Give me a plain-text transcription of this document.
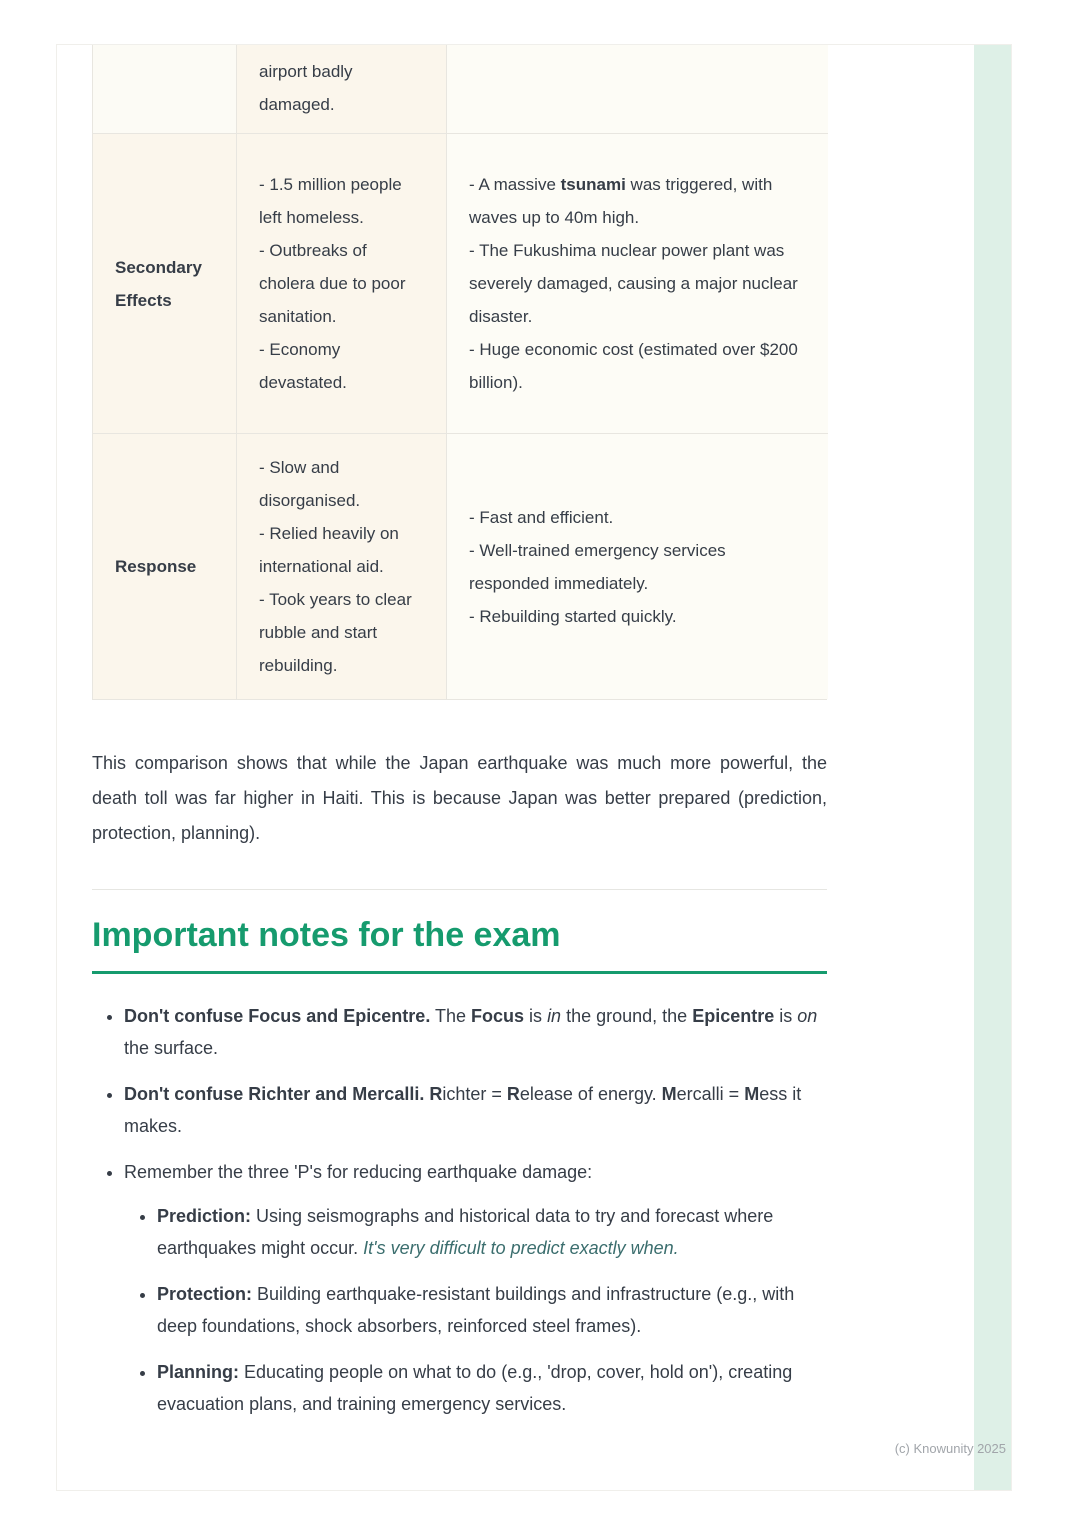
airport badly damaged.
Secondary Effects
- 1.5 million people left homeless.
- Outbreaks of cholera due to poor sanitation.
- Economy devastated.
- A massive tsunami was triggered, with waves up to 40m high.
- The Fukushima nuclear power plant was severely damaged, causing a major nuclear disaster.
- Huge economic cost (estimated over $200 billion).
Response
- Slow and disorganised.
- Relied heavily on international aid.
- Took years to clear rubble and start rebuilding.
- Fast and efficient.
- Well-trained emergency services responded immediately.
- Rebuilding started quickly.

This comparison shows that while the Japan earthquake was much more powerful, the death toll was far higher in Haiti. This is because Japan was better prepared (prediction, protection, planning).

Important notes for the exam
• Don't confuse Focus and Epicentre. The Focus is in the ground, the Epicentre is on the surface.
• Don't confuse Richter and Mercalli. Richter = Release of energy. Mercalli = Mess it makes.
• Remember the three 'P's for reducing earthquake damage:
• Prediction: Using seismographs and historical data to try and forecast where earthquakes might occur. It's very difficult to predict exactly when.
• Protection: Building earthquake-resistant buildings and infrastructure (e.g., with deep foundations, shock absorbers, reinforced steel frames).
• Planning: Educating people on what to do (e.g., 'drop, cover, hold on'), creating evacuation plans, and training emergency services.
(c) Knowunity 2025
